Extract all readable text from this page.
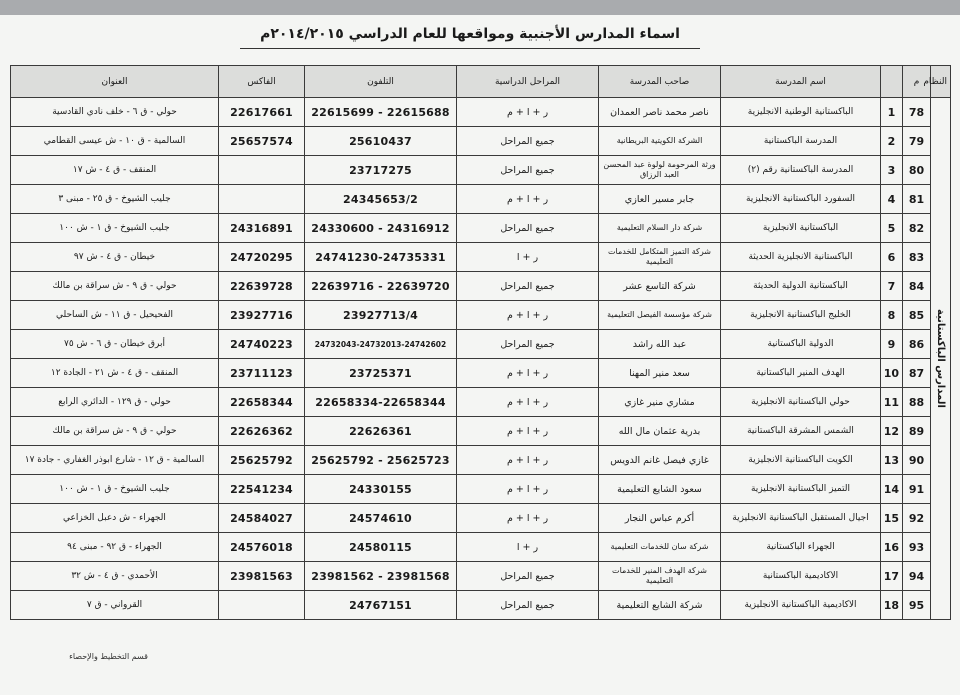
اسماء المدارس الأجنبية ومواقعها للعام الدراسي ٢٠١٤/٢٠١٥م
النظام	م		اسم المدرسة	صاحب المدرسة	المراحل الدراسية	التلفون	الفاكس	العنوان

المدارس الباكستانية	78	1	الباكستانية الوطنية الانجليزية	ناصر محمد ناصر العمدان	ر + ا + م	22615699 - 22615688	22617661	حولي - ق ٦ - خلف نادي القادسية
	79	2	المدرسة الباكستانية	الشركة الكويتية البريطانية	جميع المراحل	25610437	25657574	السالمية - ق ١٠ - ش عيسى القطامي
	80	3	المدرسة الباكستانية رقم (٢)	ورثة المرحومة لولوة عبد المحسن العبد الرزاق	جميع المراحل	23717275		المنقف - ق ٤ - ش ١٧
	81	4	السفورد الباكستانية الانجليزية	جابر مسير العازي	ر + ا + م	24345653/2		جليب الشيوخ - ق ٢٥ - مبنى ٣
	82	5	الباكستانية الانجليزية	شركة دار السلام التعليمية	جميع المراحل	24330600 - 24316912	24316891	جليب الشيوخ - ق ١ - ش ١٠٠
	83	6	الباكستانية الانجليزية الحديثة	شركة التميز المتكامل للخدمات التعليمية	ر + ا	24741230-24735331	24720295	خيطان - ق ٤ - ش ٩٧
	84	7	الباكستانية الدولية الحديثة	شركة التاسع عشر	جميع المراحل	22639716 - 22639720	22639728	حولي - ق ٩ - ش سراقة بن مالك
	85	8	الخليج الباكستانية الانجليزية	شركة مؤسسة الفيصل التعليمية	ر + ا + م	23927713/4	23927716	الفحيحيل - ق ١١ - ش الساحلي
	86	9	الدولية الباكستانية	عبد الله راشد	جميع المراحل	24732043-24732013-24742602	24740223	أبرق خيطان - ق ٦ - ش ٧٥
	87	10	الهدف المنير الباكستانية	سعد منير المهنا	ر + ا + م	23725371	23711123	المنقف - ق ٤ - ش ٢١ - الجادة ١٢
	88	11	حولي الباكستانية الانجليزية	مشاري منير غازي	ر + ا + م	22658334-22658344	22658344	حولي - ق ١٢٩ - الدائري الرابع
	89	12	الشمس المشرقة الباكستانية	بدرية عثمان مال الله	ر + ا + م	22626361	22626362	حولي - ق ٩ - ش سراقة بن مالك
	90	13	الكويت الباكستانية الانجليزية	غازي فيصل غانم الدويس	ر + ا + م	25625792 - 25625723	25625792	السالمية - ق ١٢ - شارع ابوذر الغفاري - جادة ١٧
	91	14	التميز الباكستانية الانجليزية	سعود الشايع التعليمية	ر + ا + م	24330155	22541234	جليب الشيوخ - ق ١ - ش ١٠٠
	92	15	اجيال المستقبل الباكستانية الانجليزية	أكرم عباس النجار	ر + ا + م	24574610	24584027	الجهراء - ش دعبل الخزاعي
	93	16	الجهراء الباكستانية	شركة سان للخدمات التعليمية	ر + ا	24580115	24576018	الجهراء - ق ٩٢ - مبنى ٩٤
	94	17	الاكاديمية الباكستانية	شركة الهدف المنير للخدمات التعليمية	جميع المراحل	23981562 - 23981568	23981563	الأحمدي - ق ٤ - ش ٣٢
	95	18	الاكاديمية الباكستانية الانجليزية	شركة الشايع التعليمية	جميع المراحل	24767151		القرواني - ق ٧
قسم التخطيط والإحصاء
